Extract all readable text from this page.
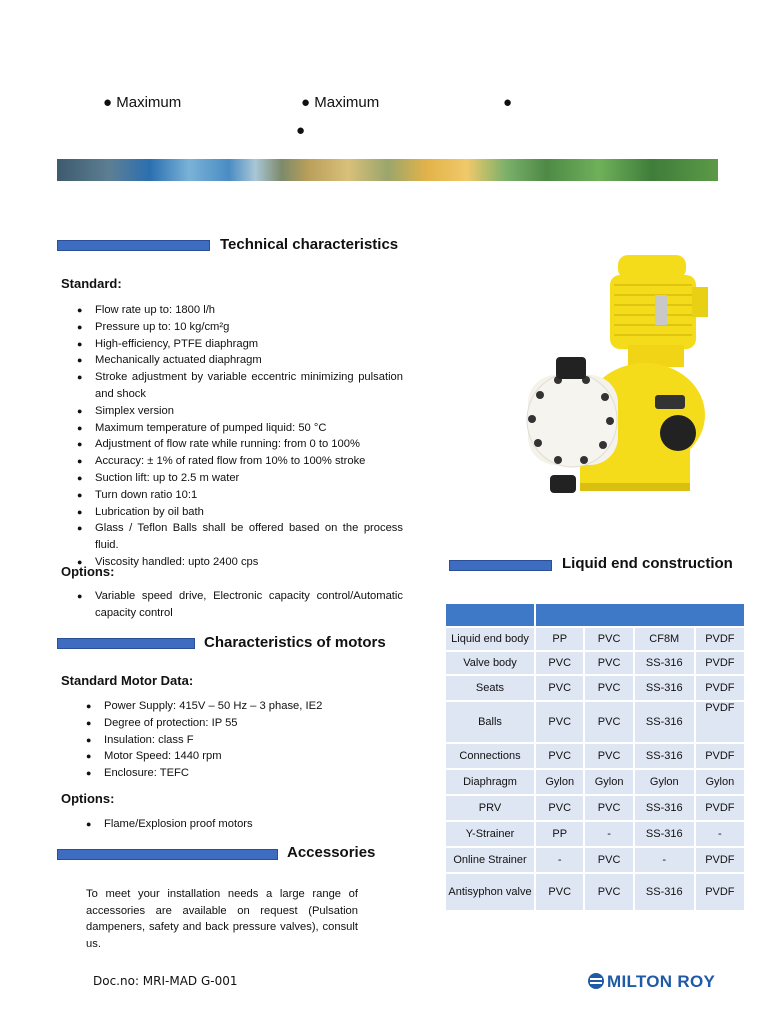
● Maximum	● Maximum	●
●
Technical characteristics
Standard:
● Flow rate up to: 1800 l/h
● Pressure up to: 10 kg/cm²g
● High-efficiency, PTFE diaphragm
● Mechanically actuated diaphragm
● Stroke adjustment by variable eccentric minimizing pulsation and shock
● Simplex version
● Maximum temperature of pumped liquid: 50 °C
● Adjustment of flow rate while running: from 0 to 100%
● Accuracy: ± 1% of rated flow from 10% to 100% stroke
● Suction lift: up to 2.5 m water
● Turn down ratio 10:1
● Lubrication by oil bath
● Glass / Teflon Balls shall be offered based on the process fluid.
● Viscosity handled: upto 2400 cps
Options:
● Variable speed drive, Electronic capacity control/Automatic capacity control
Characteristics of motors
Standard Motor Data:
● Power Supply: 415V – 50 Hz – 3 phase, IE2
● Degree of protection: IP 55
● Insulation: class F
● Motor Speed: 1440 rpm
● Enclosure: TEFC
Options:
● Flame/Explosion proof motors
Accessories
To meet your installation needs a large range of accessories are available on request (Pulsation dampeners, safety and back pressure valves), consult us.
Liquid end construction

Liquid end body	PP	PVC	CF8M	PVDF
Valve body	PVC	PVC	SS-316	PVDF
Seats	PVC	PVC	SS-316	PVDF
Balls	PVC	PVC	SS-316	PVDF
Connections	PVC	PVC	SS-316	PVDF
Diaphragm	Gylon	Gylon	Gylon	Gylon
PRV	PVC	PVC	SS-316	PVDF
Y-Strainer	PP	-	SS-316	-
Online Strainer	-	PVC	-	PVDF
Antisyphon valve	PVC	PVC	SS-316	PVDF
Doc.no: MRI-MAD G-001	MILTON ROY
